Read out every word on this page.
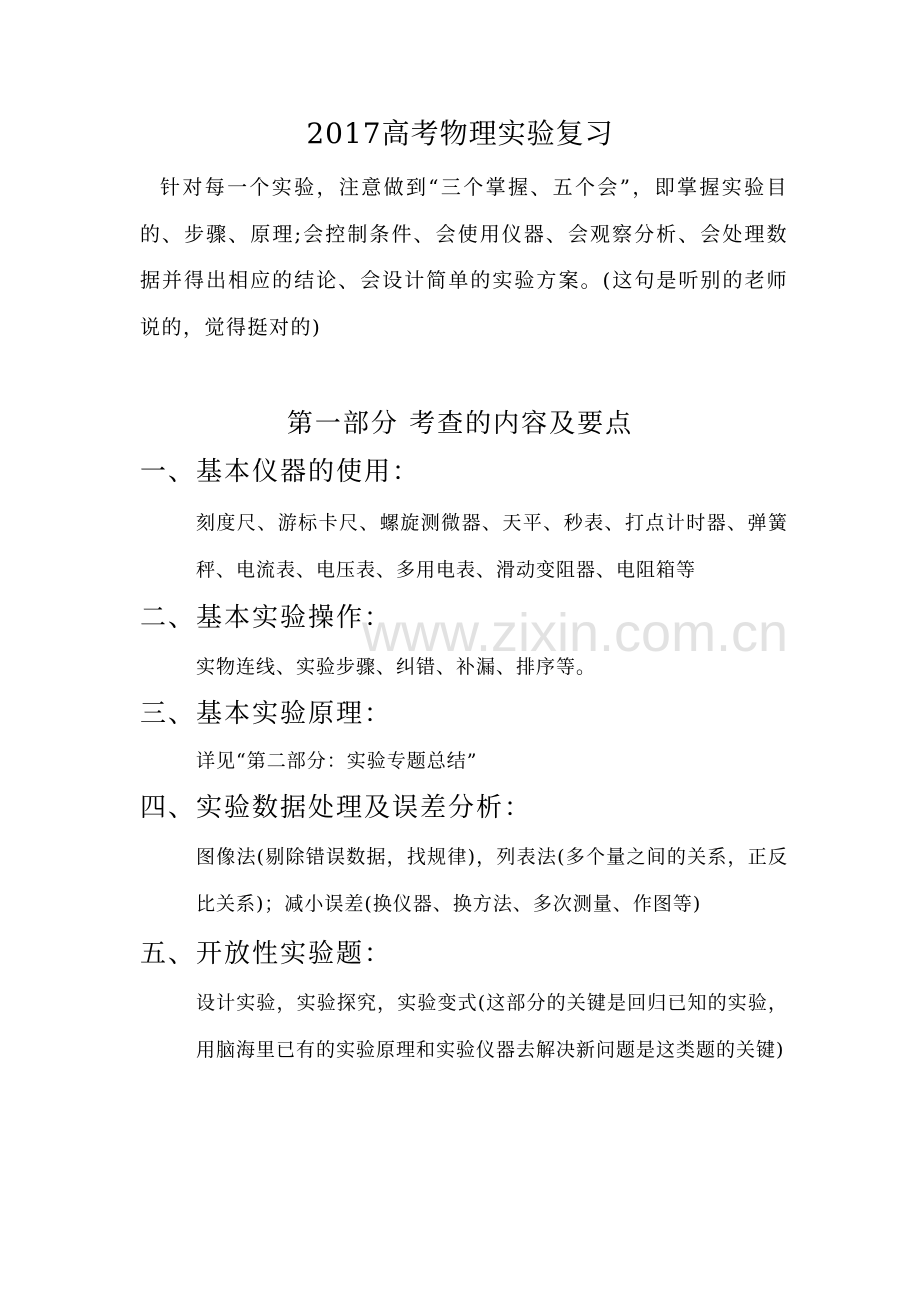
2017高考物理实验复习

针对每一个实验，注意做到“三个掌握、五个会”，即掌握实验目的、步骤、原理;会控制条件、会使用仪器、会观察分析、会处理数据并得出相应的结论、会设计简单的实验方案。(这句是听别的老师说的，觉得挺对的)

第一部分 考查的内容及要点
一、基本仪器的使用：

刻度尺、游标卡尺、螺旋测微器、天平、秒表、打点计时器、弹簧秤、电流表、电压表、多用电表、滑动变阻器、电阻箱等

二、基本实验操作：

实物连线、实验步骤、纠错、补漏、排序等。

三、基本实验原理：

详见“第二部分：实验专题总结”

四、实验数据处理及误差分析：

图像法(剔除错误数据，找规律)，列表法(多个量之间的关系，正反比关系)；减小误差(换仪器、换方法、多次测量、作图等)

五、开放性实验题：

设计实验，实验探究，实验变式(这部分的关键是回归已知的实验，用脑海里已有的实验原理和实验仪器去解决新问题是这类题的关键)

www.zixin.com.cn
